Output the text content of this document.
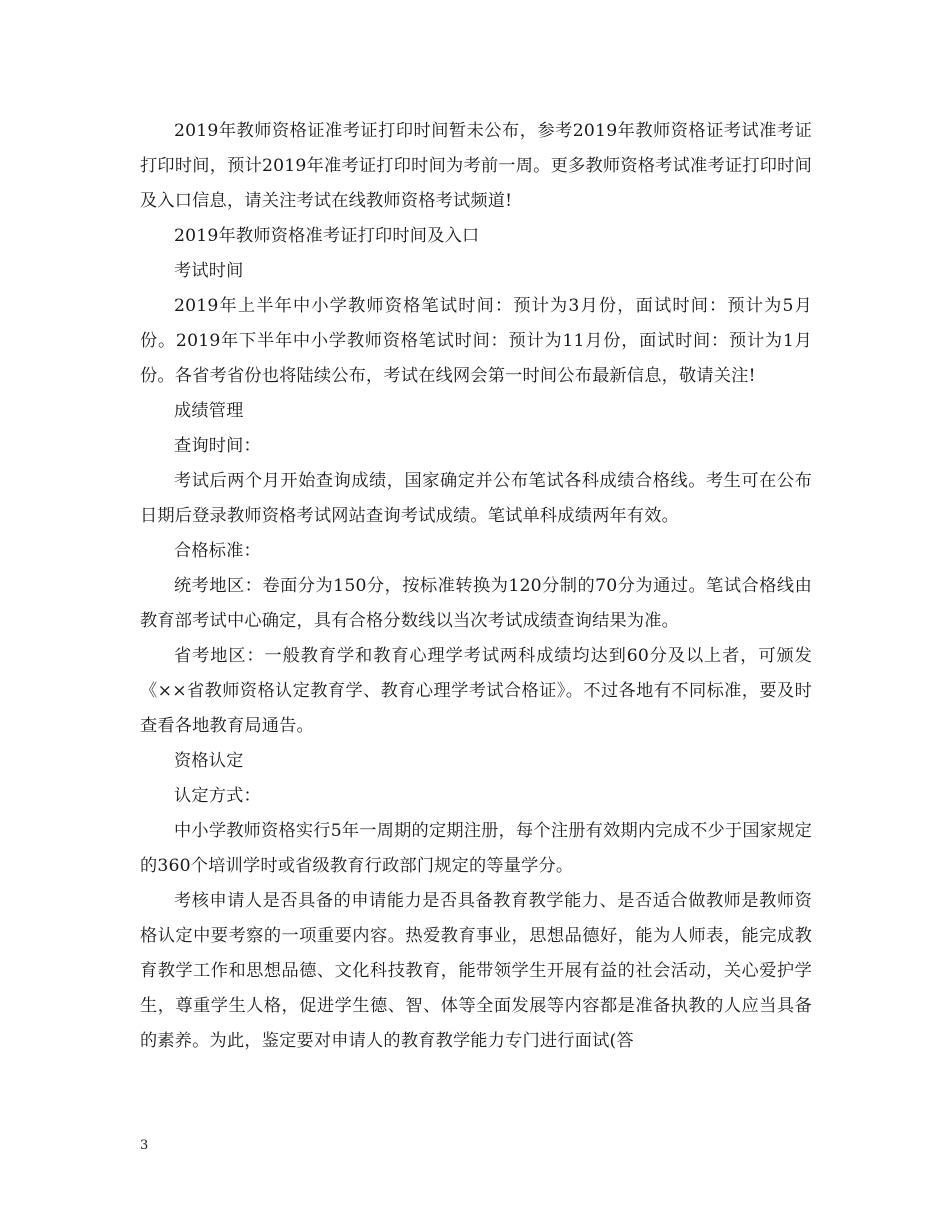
2019年教师资格证准考证打印时间暂未公布，参考2019年教师资格证考试准考证打印时间，预计2019年准考证打印时间为考前一周。更多教师资格考试准考证打印时间及入口信息，请关注考试在线教师资格考试频道!

2019年教师资格准考证打印时间及入口

考试时间

2019年上半年中小学教师资格笔试时间：预计为3月份，面试时间：预计为5月份。2019年下半年中小学教师资格笔试时间：预计为11月份，面试时间：预计为1月份。各省考省份也将陆续公布，考试在线网会第一时间公布最新信息，敬请关注!

成绩管理

查询时间：

考试后两个月开始查询成绩，国家确定并公布笔试各科成绩合格线。考生可在公布日期后登录教师资格考试网站查询考试成绩。笔试单科成绩两年有效。

合格标准：

统考地区：卷面分为150分，按标准转换为120分制的70分为通过。笔试合格线由教育部考试中心确定，具有合格分数线以当次考试成绩查询结果为准。

省考地区：一般教育学和教育心理学考试两科成绩均达到60分及以上者，可颁发《××省教师资格认定教育学、教育心理学考试合格证》。不过各地有不同标准，要及时查看各地教育局通告。

资格认定

认定方式：

中小学教师资格实行5年一周期的定期注册，每个注册有效期内完成不少于国家规定的360个培训学时或省级教育行政部门规定的等量学分。

考核申请人是否具备的申请能力是否具备教育教学能力、是否适合做教师是教师资格认定中要考察的一项重要内容。热爱教育事业，思想品德好，能为人师表，能完成教育教学工作和思想品德、文化科技教育，能带领学生开展有益的社会活动，关心爱护学生，尊重学生人格，促进学生德、智、体等全面发展等内容都是准备执教的人应当具备的素养。为此，鉴定要对申请人的教育教学能力专门进行面试(答

3
